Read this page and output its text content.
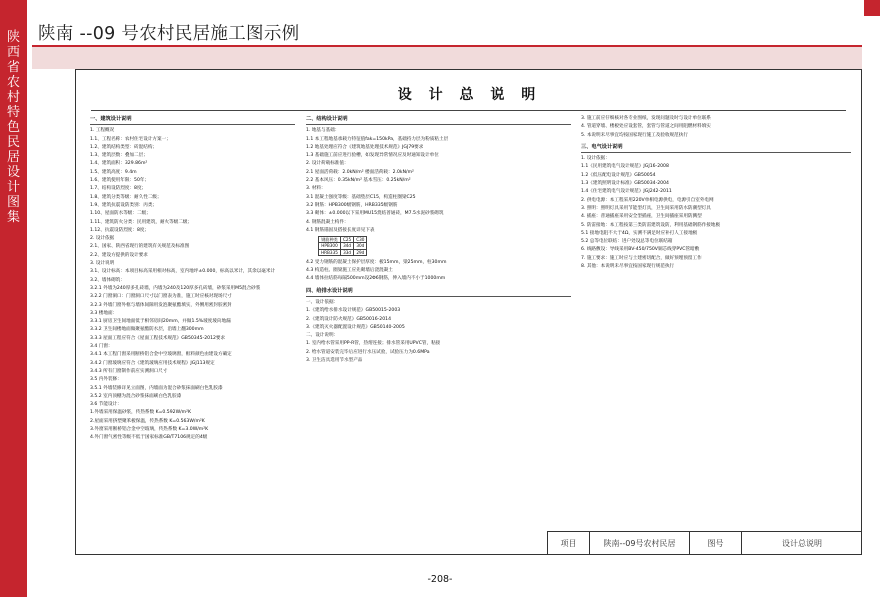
陕西省农村特色民居设计图集
陕南 --09 号农村民居施工图示例
设 计 总 说 明
一、建筑设计说明
1. 工程概况
1.1、工程名称：农村住宅设计方案一；
1.2、建筑结构类型：砖混结构；
1.3、建筑层数：叠加二层；
1.4、建筑面积：329.86m²
1.5、建筑高度：9.4m
1.6、建筑使用年限：50年；
1.7、结构设防烈度：8度；
1.8、建筑分类等级：耐久性二级；
1.9、建筑抗震设防类别：丙类；
1.10、屋面防水等级：二级；
1.11、建筑防火分类：民用建筑，耐火等级二级；
1.12、抗震设防烈度：8度；
2. 设计依据
2.1、国家、陕西省现行的建筑有关规范及标准图
2.2、建设方提供的设计要求
3. 设计说明
3.1、设计标高：本项目标高采用相对标高，室内地坪±0.000，标高以米计，其余以毫米计
3.2、墙体砌筑：
3.2.1 外墙为240厚多孔砖墙，内墙为240及120厚多孔砖墙，砂浆采用M5混合砂浆
3.2.2 门窗洞口：门窗洞口尺寸以门窗表为准，施工时应核对现场尺寸
3.2.3 外墙门窗外框与墙体间隙用发泡聚氨酯填实，外侧用密封胶密封
3.3 楼地面：
3.3.1 厨房卫生间地面低于相邻房间20mm，并做1.5%坡度坡向地漏
3.3.2 卫生间楼地面做聚氨酯防水层，沿墙上翻300mm
3.3.3 屋面工程应符合《屋面工程技术规范》GB50345-2012要求
3.4 门窗：
3.4.1 本工程门窗采用断桥铝合金中空玻璃窗，框料颜色由建设方确定
3.4.2 门窗玻璃应符合《建筑玻璃应用技术规程》JGJ113规定
3.4.3 所有门窗制作前应实测洞口尺寸
3.5 内外装修：
3.5.1 外墙装修详见立面图，内墙面为混合砂浆抹面刷白色乳胶漆
3.5.2 室内顶棚为混合砂浆抹面刷白色乳胶漆
3.6 节能设计：
1.外墙采用保温砂浆，传热系数 K=0.592W/m²K
2.屋面采用挤塑聚苯板保温，传热系数 K=0.563W/m²K
3.外窗采用断桥铝合金中空玻璃，传热系数 K=3.0W/m²K
4.外门窗气密性等级不低于国家标准GB/T7106规定的4级
二、结构设计说明
1. 地基与基础：
1.1 本工程地基承载力特征值fak=150kPa，基础持力层为粉质粘土层
1.2 地基处理应符合《建筑地基处理技术规范》JGJ79要求
1.3 基础施工前应进行验槽，如发现异常情况应及时通知设计单位
2. 设计荷载标准值：
2.1 屋面活荷载：2.0kN/m² 楼面活荷载：2.0kN/m²
2.2 基本风压：0.35kN/m² 基本雪压：0.25kN/m²
3. 材料：
3.1 混凝土强度等级：基础垫层C15，构造柱圈梁C25
3.2 钢筋：HPB300级钢筋，HRB335级钢筋
3.3 砌体：±0.000以下采用MU15烧结普通砖，M7.5水泥砂浆砌筑
4. 钢筋混凝土构件：
4.1 钢筋锚固及搭接长度详见下表
钢筋种类	C25	C30
HPB300	34d	30d
HRB335	33d	29d
4.2 受力钢筋的混凝土保护层厚度：板15mm，梁25mm，柱30mm
4.3 构造柱、圈梁施工应先砌墙后浇混凝土
4.4 墙体拉结筋每隔500mm设2Φ6钢筋，伸入墙内不小于1000mm
四、给排水设计说明
一、设计依据：
1.《建筑给水排水设计规范》GB50015-2003
2.《建筑设计防火规范》GB50016-2014
3.《建筑灭火器配置设计规范》GB50140-2005
二、设计说明：
1. 室内给水管采用PP-R管，热熔连接；排水管采用UPVC管，粘接
2. 给水管道安装完毕后应进行水压试验，试验压力为0.6MPa
3. 卫生洁具选用节水型产品
3. 施工前应仔细核对各专业图纸，发现问题及时与设计单位联系
4. 管道穿墙、楼板处应设套管，套管与管道之间用阻燃材料填实
5. 本说明未尽事宜均按国家现行施工及验收规范执行
三、电气设计说明
1. 设计依据：
1.1《民用建筑电气设计规范》JGJ16-2008
1.2《低压配电设计规范》GB50054
1.3《建筑照明设计标准》GB50034-2004
1.4《住宅建筑电气设计规范》JGJ242-2011
2. 供电电源：本工程采用220V单相电源供电，电源引自室外电网
3. 照明：照明灯具采用节能型灯具，卫生间采用防水防潮型灯具
4. 插座：普通插座采用安全型插座，卫生间插座采用防溅型
5. 防雷接地：本工程按第三类防雷建筑设防，利用基础钢筋作接地极
5.1 接地电阻不大于4Ω，实测不满足时应补打人工接地极
5.2 总等电位联结：进户处设总等电位联结箱
6. 线路敷设：导线采用BV-450/750V铜芯线穿PVC管暗敷
7. 施工要求：施工时应与土建密切配合，做好预埋预留工作
8. 其他：本说明未尽事宜按国家现行规范执行
项目	陕南--09号农村民居	图号	设计总说明
-208-
